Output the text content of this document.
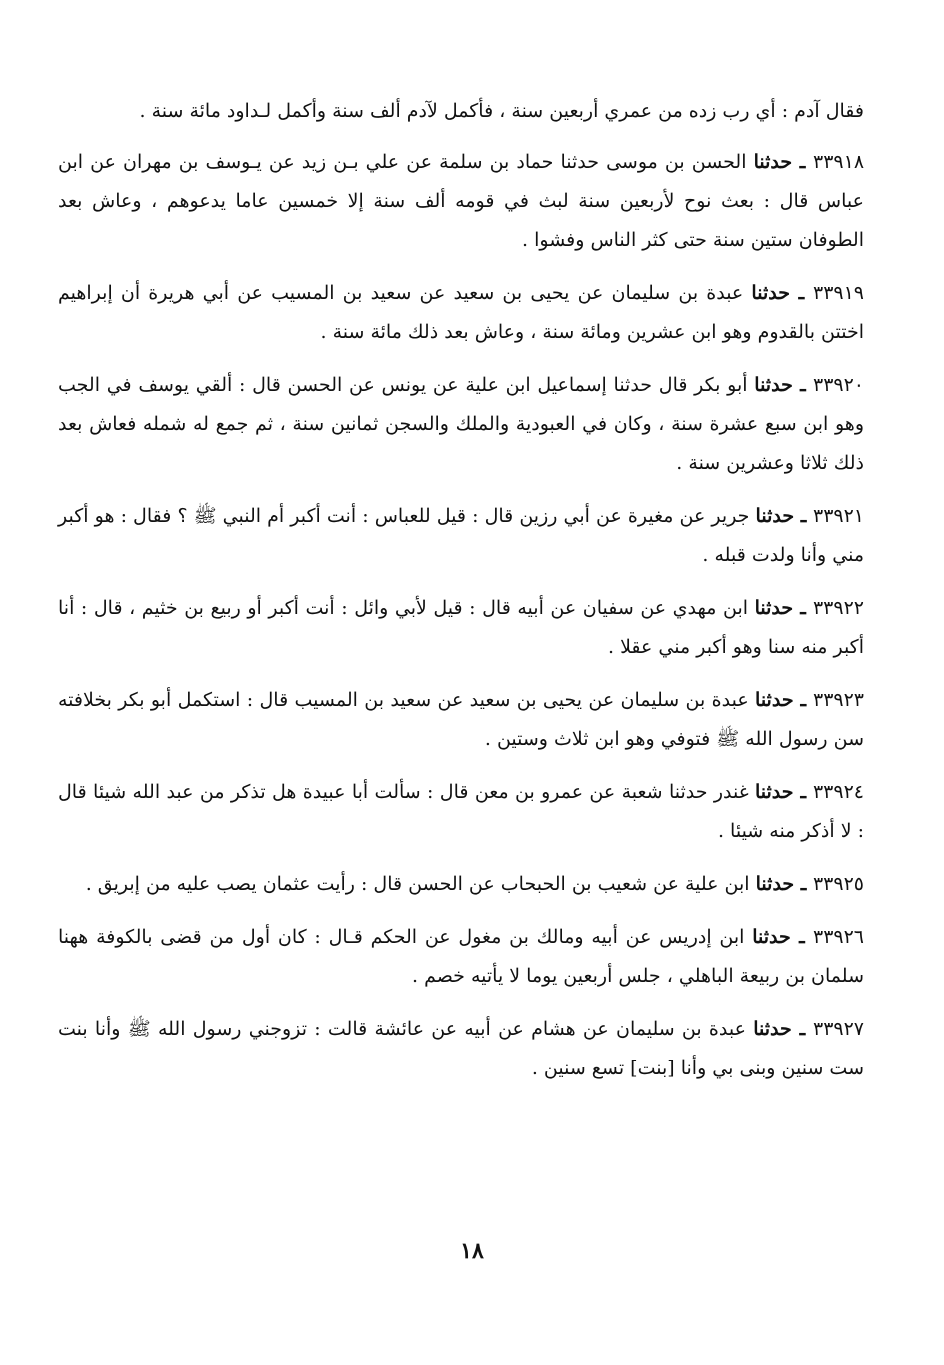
فقال آدم : أي رب زده من عمري أربعين سنة ، فأكمل لآدم ألف سنة وأكمل لـداود مائة سنة .

٣٣٩١٨ ـ حدثنا الحسن بن موسى حدثنا حماد بن سلمة عن علي بـن زيد عن يـوسف بن مهران عن ابن عباس قال : بعث نوح لأربعين سنة لبث في قومه ألف سنة إلا خمسين عاما يدعوهم ، وعاش بعد الطوفان ستين سنة حتى كثر الناس وفشوا .

٣٣٩١٩ ـ حدثنا عبدة بن سليمان عن يحيى بن سعيد عن سعيد بن المسيب عن أبي هريرة أن إبراهيم اختتن بالقدوم وهو ابن عشرين ومائة سنة ، وعاش بعد ذلك مائة سنة .

٣٣٩٢٠ ـ حدثنا أبو بكر قال حدثنا إسماعيل ابن علية عن يونس عن الحسن قال : ألقي يوسف في الجب وهو ابن سبع عشرة سنة ، وكان في العبودية والملك والسجن ثمانين سنة ، ثم جمع له شمله فعاش بعد ذلك ثلاثا وعشرين سنة .

٣٣٩٢١ ـ حدثنا جرير عن مغيرة عن أبي رزين قال : قيل للعباس : أنت أكبر أم النبي ﷺ ؟ فقال : هو أكبر مني وأنا ولدت قبله .

٣٣٩٢٢ ـ حدثنا ابن مهدي عن سفيان عن أبيه قال : قيل لأبي وائل : أنت أكبر أو ربيع بن خثيم ، قال : أنا أكبر منه سنا وهو أكبر مني عقلا .

٣٣٩٢٣ ـ حدثنا عبدة بن سليمان عن يحيى بن سعيد عن سعيد بن المسيب قال : استكمل أبو بكر بخلافته سن رسول الله ﷺ فتوفي وهو ابن ثلاث وستين .

٣٣٩٢٤ ـ حدثنا غندر حدثنا شعبة عن عمرو بن معن قال : سألت أبا عبيدة هل تذكر من عبد الله شيئا قال : لا أذكر منه شيئا .

٣٣٩٢٥ ـ حدثنا ابن علية عن شعيب بن الحبحاب عن الحسن قال : رأيت عثمان يصب عليه من إبريق .

٣٣٩٢٦ ـ حدثنا ابن إدريس عن أبيه ومالك بن مغول عن الحكم قـال : كان أول من قضى بالكوفة ههنا سلمان بن ربيعة الباهلي ، جلس أربعين يوما لا يأتيه خصم .

٣٣٩٢٧ ـ حدثنا عبدة بن سليمان عن هشام عن أبيه عن عائشة قالت : تزوجني رسول الله ﷺ وأنا بنت ست سنين وبنى بي وأنا [بنت] تسع سنين .

١٨
